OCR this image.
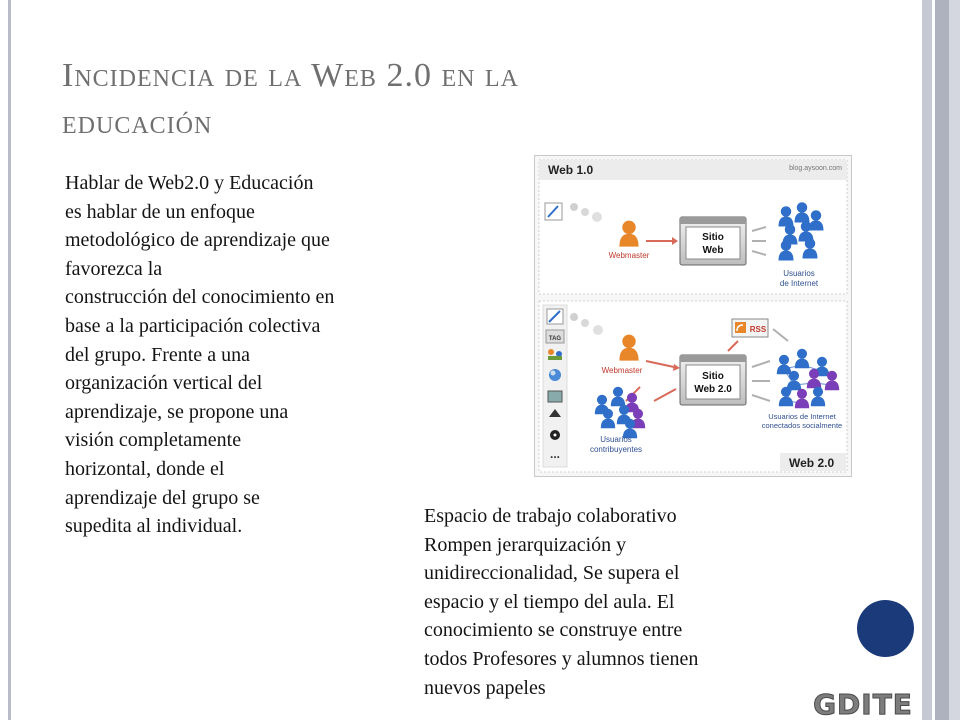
Incidencia de la Web 2.0 en la
educación
Hablar de Web2.0 y Educación
es hablar de un enfoque
metodológico de aprendizaje que
favorezca la
construcción del conocimiento en
base a la participación colectiva
del grupo. Frente a una
organización vertical del
aprendizaje, se propone una
visión completamente
horizontal, donde el
aprendizaje del grupo se
supedita al individual.	Espacio de trabajo colaborativo
Rompen jerarquización y
unidireccionalidad, Se supera el
espacio y el tiempo del aula. El
conocimiento se construye entre
todos Profesores y alumnos tienen
nuevos papeles
Web 1.0	blog.aysoon.com
Webmaster
Sitio
Web
Usuarios
de Internet
TAG
...
Webmaster
Sitio
Web 2.0
RSS
Usuarios de Internet
conectados socialmente
Usuarios
contribuyentes
Web 2.0
GDITE
